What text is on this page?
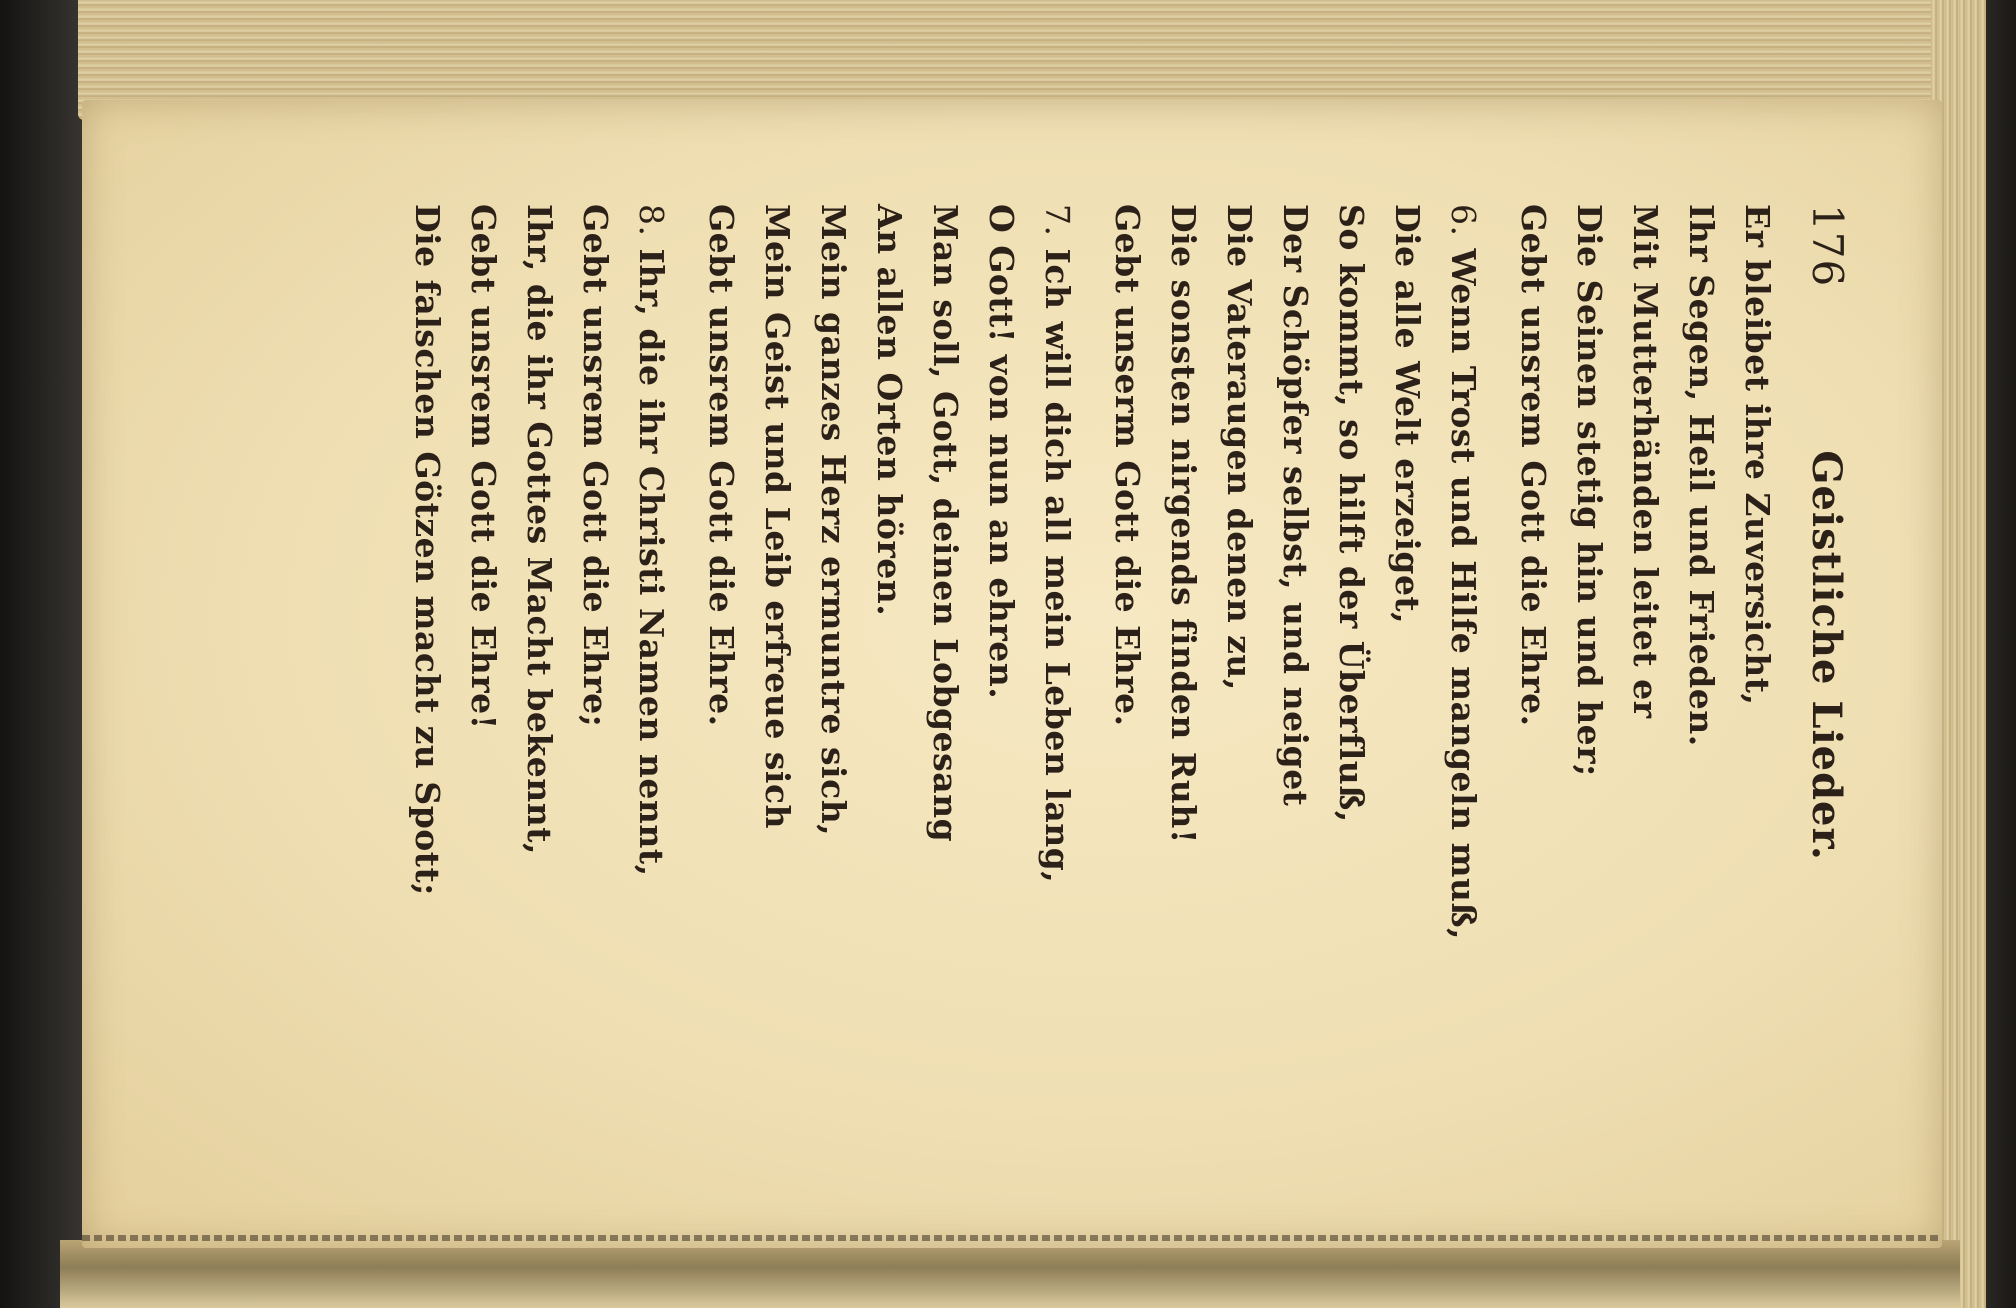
176
Geistliche Lieder.
Er bleibet ihre Zuversicht,
Ihr Segen, Heil und Frieden.
Mit Mutterhänden leitet er
Die Seinen stetig hin und her;
Gebt unsrem Gott die Ehre.
6. Wenn Trost und Hilfe mangeln muß,
Die alle Welt erzeiget,
So kommt, so hilft der Überfluß,
Der Schöpfer selbst, und neiget
Die Vateraugen denen zu,
Die sonsten nirgends finden Ruh!
Gebt unserm Gott die Ehre.
7. Ich will dich all mein Leben lang,
O Gott! von nun an ehren.
Man soll, Gott, deinen Lobgesang
An allen Orten hören.
Mein ganzes Herz ermuntre sich,
Mein Geist und Leib erfreue sich
Gebt unsrem Gott die Ehre.
8. Ihr, die ihr Christi Namen nennt,
Gebt unsrem Gott die Ehre;
Ihr, die ihr Gottes Macht bekennt,
Gebt unsrem Gott die Ehre!
Die falschen Götzen macht zu Spott;
